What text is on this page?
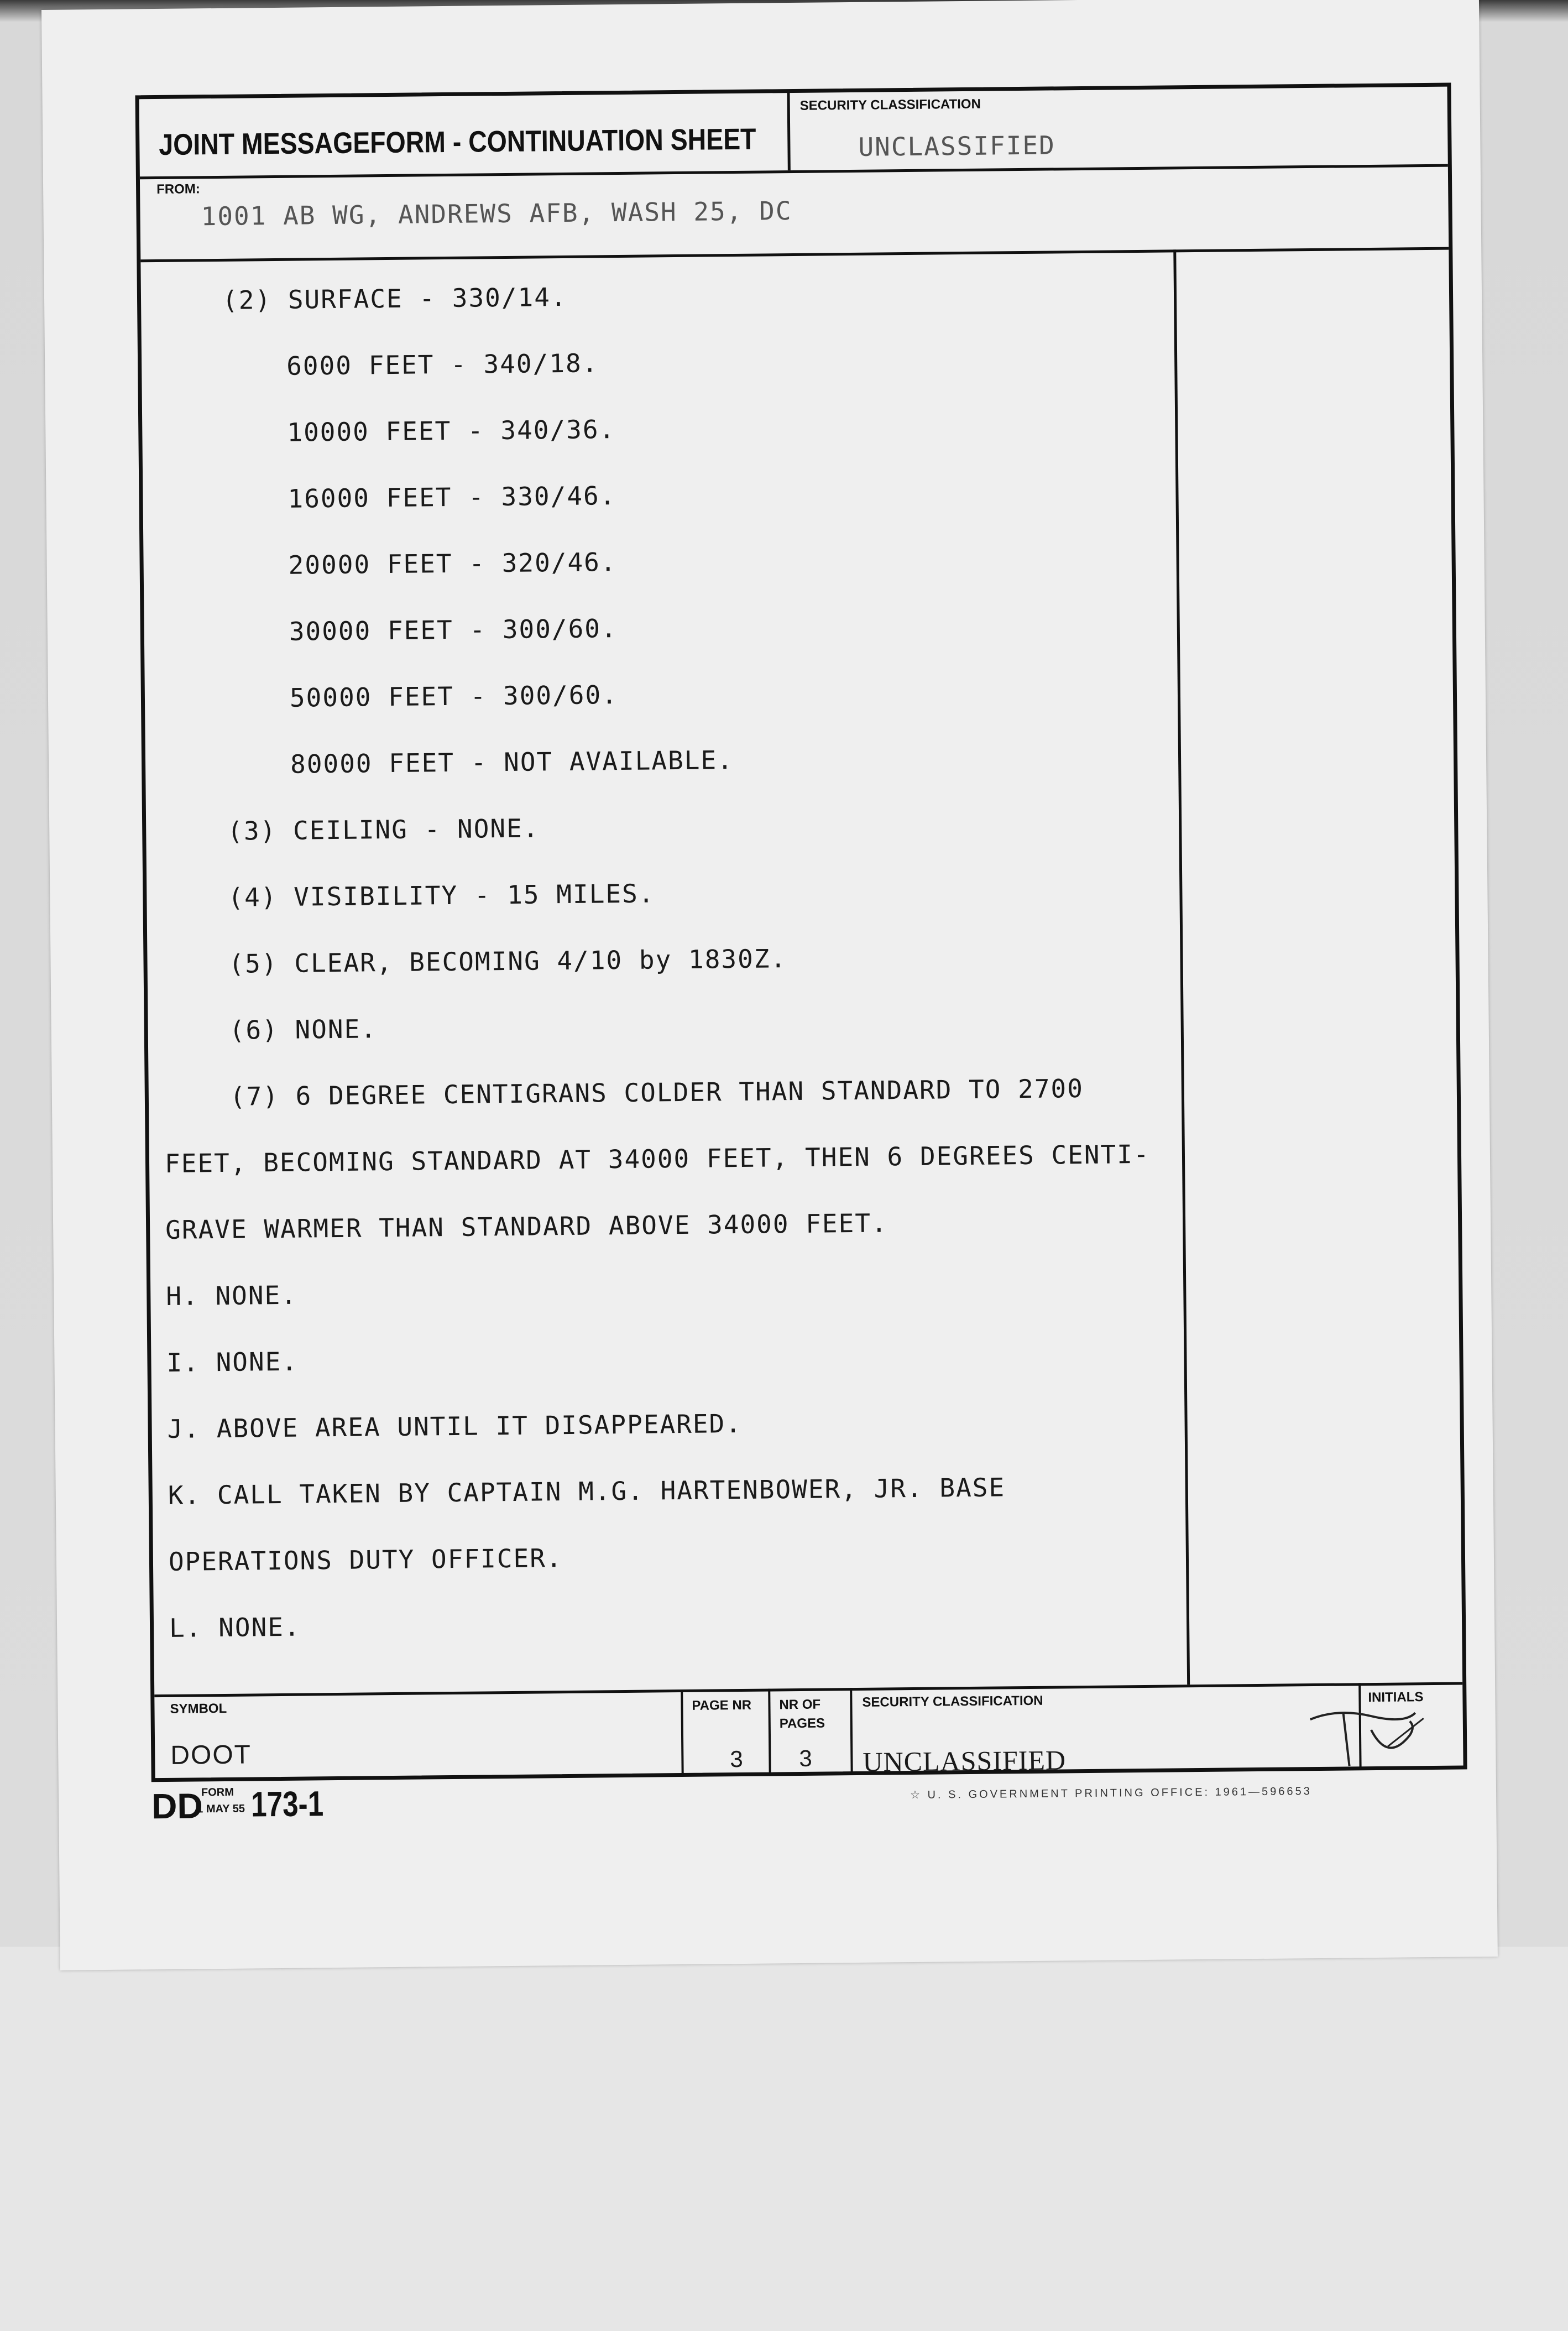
JOINT MESSAGEFORM - CONTINUATION SHEET
SECURITY CLASSIFICATION
UNCLASSIFIED
FROM:
1001 AB WG, ANDREWS AFB, WASH 25, DC
(2) SURFACE - 330/14.
6000 FEET - 340/18.
10000 FEET - 340/36.
16000 FEET - 330/46.
20000 FEET - 320/46.
30000 FEET - 300/60.
50000 FEET - 300/60.
80000 FEET - NOT AVAILABLE.
(3) CEILING - NONE.
(4) VISIBILITY - 15 MILES.
(5) CLEAR, BECOMING 4/10 by 1830Z.
(6) NONE.
(7) 6 DEGREE CENTIGRANS COLDER THAN STANDARD TO 2700
FEET, BECOMING STANDARD AT 34000 FEET, THEN 6 DEGREES CENTI-
GRAVE WARMER THAN STANDARD ABOVE 34000 FEET.
H. NONE.
I. NONE.
J. ABOVE AREA UNTIL IT DISAPPEARED.
K. CALL TAKEN BY CAPTAIN M.G. HARTENBOWER, JR. BASE
OPERATIONS DUTY OFFICER.
L. NONE.
SYMBOL
DOOT
PAGE NR
3
NR OF PAGES
3
SECURITY CLASSIFICATION
UNCLASSIFIED
INITIALS
DD
FORM
1 MAY 55 173-1	☆ U. S. GOVERNMENT PRINTING OFFICE: 1961—596653
